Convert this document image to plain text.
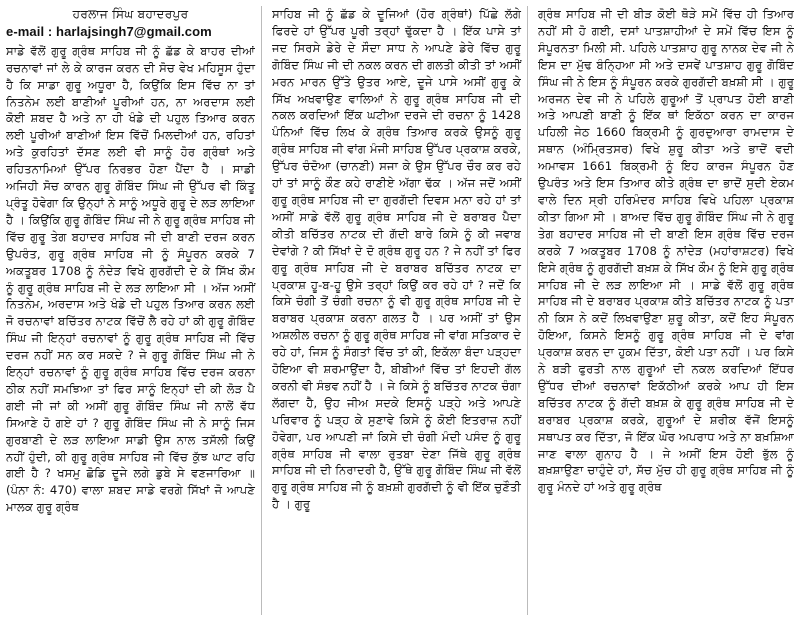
ਹਰਲਾਜ ਸਿੰਘ ਬਹਾਦਰਪੁਰ
e-mail : harlajsingh7@gmail.com

ਸਾਡੇ ਵੱਲੋਂ ਗੁਰੂ ਗ੍ਰੰਥ ਸਾਹਿਬ ਜੀ ਨੂੰ ਛੱਡ ਕੇ ਬਾਹਰ ਦੀਆਂ ਰਚਨਾਵਾਂ ਜਾਂ ਲੇ ਕੇ ਕਾਰਜ ਕਰਨ ਦੀ ਸੋਚ ਵੇਖ ਮਹਿਸੂਸ ਹੁੰਦਾ ਹੈ ਕਿ ਸਾਡਾ ਗੁਰੂ ਅਧੂਰਾ ਹੈ, ਕਿਉਂਕਿ ਇਸ ਵਿੱਚ ਨਾ ਤਾਂ ਨਿਤਨੇਮ ਲਈ ਬਾਣੀਆਂ ਪੂਰੀਆਂ ਹਨ, ਨਾ ਅਰਦਾਸ ਲਈ ਕੋਈ ਸ਼ਬਦ ਹੈ ਅਤੇ ਨਾ ਹੀ ਖੰਡੇ ਦੀ ਪਹੁਲ ਤਿਆਰ ਕਰਨ ਲਈ ਪੂਰੀਆਂ ਬਾਣੀਆਂ ਇਸ ਵਿੱਚੋਂ ਮਿਲਦੀਆਂ ਹਨ, ਰਹਿਤਾਂ ਅਤੇ ਕੁਰਹਿਤਾਂ ਦੱਸਣ ਲਈ ਵੀ ਸਾਨੂੰ ਹੋਰ ਗ੍ਰੰਥਾਂ ਅਤੇ ਰਹਿਤਨਾਮਿਆਂ ਉੱਪਰ ਨਿਰਭਰ ਹੋਣਾ ਪੈਂਦਾ ਹੈ । ਸਾਡੀ ਅਜਿਹੀ ਸੋਚ ਕਾਰਨ ਗੁਰੂ ਗੋਬਿੰਦ ਸਿੰਘ ਜੀ ਉੱਪਰ ਵੀ ਕਿੰਤੂ ਪ੍ਰੰਤੂ ਹੋਵੇਗਾ ਕਿ ਉਨ੍ਹਾਂ ਨੇ ਸਾਨੂੰ ਅਧੂਰੇ ਗੁਰੂ ਦੇ ਲੜ ਲਾਇਆ ਹੈ । ਕਿਉਂਕਿ ਗੁਰੂ ਗੋਬਿੰਦ ਸਿੰਘ ਜੀ ਨੇ ਗੁਰੂ ਗ੍ਰੰਥ ਸਾਹਿਬ ਜੀ ਵਿੱਚ ਗੁਰੂ ਤੇਗ ਬਹਾਦਰ ਸਾਹਿਬ ਜੀ ਦੀ ਬਾਣੀ ਦਰਜ ਕਰਨ ਉਪਰੰਤ, ਗੁਰੂ ਗ੍ਰੰਥ ਸਾਹਿਬ ਜੀ ਨੂੰ ਸੰਪੂਰਨ ਕਰਕੇ 7 ਅਕਤੂਬਰ 1708 ਨੂੰ ਨੰਦੇੜ ਵਿਖੇ ਗੁਰਗੱਦੀ ਦੇ ਕੇ ਸਿੱਖ ਕੌਮ ਨੂੰ ਗੁਰੂ ਗ੍ਰੰਥ ਸਾਹਿਬ ਜੀ ਦੇ ਲੜ ਲਾਇਆ ਸੀ । ਅੱਜ ਅਸੀਂ ਨਿਤਨੇਮ, ਅਰਦਾਸ ਅਤੇ ਖੰਡੇ ਦੀ ਪਹੁਲ ਤਿਆਰ ਕਰਨ ਲਈ ਜੋ ਰਚਨਾਵਾਂ ਬਚਿੱਤਰ ਨਾਟਕ ਵਿੱਚੋਂ ਲੈ ਰਹੇ ਹਾਂ ਕੀ ਗੁਰੂ ਗੋਬਿੰਦ ਸਿੰਘ ਜੀ ਇਨ੍ਹਾਂ ਰਚਨਾਵਾਂ ਨੂੰ ਗੁਰੂ ਗ੍ਰੰਥ ਸਾਹਿਬ ਜੀ ਵਿੱਚ ਦਰਜ ਨਹੀਂ ਸਨ ਕਰ ਸਕਦੇ ? ਜੇ ਗੁਰੂ ਗੋਬਿੰਦ ਸਿੰਘ ਜੀ ਨੇ ਇਨ੍ਹਾਂ ਰਚਨਾਵਾਂ ਨੂੰ ਗੁਰੂ ਗ੍ਰੰਥ ਸਾਹਿਬ ਵਿੱਚ ਦਰਜ ਕਰਨਾ ਠੀਕ ਨਹੀਂ ਸਮਝਿਆ ਤਾਂ ਫਿਰ ਸਾਨੂੰ ਇਨ੍ਹਾਂ ਦੀ ਕੀ ਲੋੜ ਪੈ ਗਈ ਜੀ ਜਾਂ ਕੀ ਅਸੀਂ ਗੁਰੂ ਗੋਬਿੰਦ ਸਿੰਘ ਜੀ ਨਾਲੋਂ ਵੱਧ ਸਿਆਣੇ ਹੋ ਗਏ ਹਾਂ ? ਗੁਰੂ ਗੋਬਿੰਦ ਸਿੰਘ ਜੀ ਨੇ ਸਾਨੂੰ ਜਿਸ ਗੁਰਬਾਣੀ ਦੇ ਲੜ ਲਾਇਆ ਸਾਡੀ ਉਸ ਨਾਲ ਤਸੱਲੀ ਕਿਉਂ ਨਹੀਂ ਹੁੰਦੀ, ਕੀ ਗੁਰੂ ਗ੍ਰੰਥ ਸਾਹਿਬ ਜੀ ਵਿੱਚ ਕੁੱਝ ਘਾਟ ਰਹਿ ਗਈ ਹੈ ? ਖਸਮੁ ਛੋਡਿ ਦੂਜੇ ਲਗੇ ਡੁਬੇ ਸੇ ਵਣਜਾਰਿਆ ॥ (ਪੰਨਾ ਨੰ: 470) ਵਾਲਾ ਸ਼ਬਦ ਸਾਡੇ ਵਰਗੇ ਸਿੱਖਾਂ ਜੋ ਆਪਣੇ ਮਾਲਕ ਗੁਰੂ ਗ੍ਰੰਥ

ਸਾਹਿਬ ਜੀ ਨੂੰ ਛੱਡ ਕੇ ਦੂਜਿਆਂ (ਹੋਰ ਗ੍ਰੰਥਾਂ) ਪਿੱਛੇ ਲੱਗੇ ਫਿਰਦੇ ਹਾਂ ਉੱਪਰ ਪੂਰੀ ਤਰ੍ਹਾਂ ਢੁੱਕਦਾ ਹੈ । ਇੱਕ ਪਾਸੇ ਤਾਂ ਜਦ ਸਿਰਸੇ ਡੇਰੇ ਦੇ ਸੌਦਾ ਸਾਧ ਨੇ ਆਪਣੇ ਡੇਰੇ ਵਿੱਚ ਗੁਰੂ ਗੋਬਿੰਦ ਸਿੰਘ ਜੀ ਦੀ ਨਕਲ ਕਰਨ ਦੀ ਗਲਤੀ ਕੀਤੀ ਤਾਂ ਅਸੀਂ ਮਰਨ ਮਾਰਨ ਉੱਤੇ ਉਤਰ ਆਏ, ਦੂਜੇ ਪਾਸੇ ਅਸੀਂ ਗੁਰੂ ਕੇ ਸਿੱਖ ਅਖਵਾਉਣ ਵਾਲਿਆਂ ਨੇ ਗੁਰੂ ਗ੍ਰੰਥ ਸਾਹਿਬ ਜੀ ਦੀ ਨਕਲ ਕਰਦਿਆਂ ਇੱਕ ਘਟੀਆ ਦਰਜੇ ਦੀ ਰਚਨਾ ਨੂੰ 1428 ਪੰਨਿਆਂ ਵਿੱਚ ਲਿਖ ਕੇ ਗ੍ਰੰਥ ਤਿਆਰ ਕਰਕੇ ਉਸਨੂੰ ਗੁਰੂ ਗ੍ਰੰਥ ਸਾਹਿਬ ਜੀ ਵਾਂਗ ਮੰਜੀ ਸਾਹਿਬ ਉੱਪਰ ਪ੍ਰਕਾਸ਼ ਕਰਕੇ, ਉੱਪਰ ਚੰਦੋਆ (ਚਾਨਣੀ) ਸਜਾ ਕੇ ਉਸ ਉੱਪਰ ਚੌਰ ਕਰ ਰਹੇ ਹਾਂ ਤਾਂ ਸਾਨੂੰ ਕੌਣ ਕਹੇ ਰਾਣੀਏ ਅੱਗਾ ਢੱਕ । ਅੱਜ ਜਦੋਂ ਅਸੀਂ ਗੁਰੂ ਗ੍ਰੰਥ ਸਾਹਿਬ ਜੀ ਦਾ ਗੁਰਗੱਦੀ ਦਿਵਸ ਮਨਾ ਰਹੇ ਹਾਂ ਤਾਂ ਅਸੀਂ ਸਾਡੇ ਵੱਲੋਂ ਗੁਰੂ ਗ੍ਰੰਥ ਸਾਹਿਬ ਜੀ ਦੇ ਬਰਾਬਰ ਪੈਦਾ ਕੀਤੀ ਬਚਿੱਤਰ ਨਾਟਕ ਦੀ ਗੱਦੀ ਬਾਰੇ ਕਿਸੇ ਨੂੰ ਕੀ ਜਵਾਬ ਦੇਵਾਂਗੇ ? ਕੀ ਸਿੱਖਾਂ ਦੇ ਦੋ ਗ੍ਰੰਥ ਗੁਰੂ ਹਨ ? ਜੇ ਨਹੀਂ ਤਾਂ ਫਿਰ ਗੁਰੂ ਗ੍ਰੰਥ ਸਾਹਿਬ ਜੀ ਦੇ ਬਰਾਬਰ ਬਚਿੱਤਰ ਨਾਟਕ ਦਾ ਪ੍ਰਕਾਸ਼ ਹੂ-ਬ-ਹੂ ਉਸੇ ਤਰ੍ਹਾਂ ਕਿਉਂ ਕਰ ਰਹੇ ਹਾਂ ? ਜਦੋਂ ਕਿ ਕਿਸੇ ਚੰਗੀ ਤੋਂ ਚੰਗੀ ਰਚਨਾ ਨੂੰ ਵੀ ਗੁਰੂ ਗ੍ਰੰਥ ਸਾਹਿਬ ਜੀ ਦੇ ਬਰਾਬਰ ਪ੍ਰਕਾਸ਼ ਕਰਨਾ ਗਲਤ ਹੈ । ਪਰ ਅਸੀਂ ਤਾਂ ਉਸ ਅਸ਼ਲੀਲ ਰਚਨਾ ਨੂੰ ਗੁਰੂ ਗ੍ਰੰਥ ਸਾਹਿਬ ਜੀ ਵਾਂਗ ਸਤਿਕਾਰ ਦੇ ਰਹੇ ਹਾਂ, ਜਿਸ ਨੂੰ ਸੰਗਤਾਂ ਵਿੱਚ ਤਾਂ ਕੀ, ਇਕੱਲਾ ਬੰਦਾ ਪੜ੍ਹਦਾ ਹੋਇਆ ਵੀ ਸ਼ਰਮਾਉਂਦਾ ਹੈ, ਬੀਬੀਆਂ ਵਿੱਚ ਤਾਂ ਇਹਦੀ ਗੱਲ ਕਰਨੀ ਵੀ ਸੰਭਵ ਨਹੀਂ ਹੈ । ਜੇ ਕਿਸੇ ਨੂੰ ਬਚਿੱਤਰ ਨਾਟਕ ਚੰਗਾ ਲੱਗਦਾ ਹੈ, ਉਹ ਜੀਅ ਸਦਕੇ ਇਸਨੂੰ ਪੜ੍ਹੇ ਅਤੇ ਆਪਣੇ ਪਰਿਵਾਰ ਨੂੰ ਪੜ੍ਹ ਕੇ ਸੁਣਾਵੇ ਕਿਸੇ ਨੂੰ ਕੋਈ ਇਤਰਾਜ਼ ਨਹੀਂ ਹੋਵੇਗਾ, ਪਰ ਆਪਣੀ ਜਾਂ ਕਿਸੇ ਦੀ ਚੰਗੀ ਮੰਦੀ ਪਸੰਦ ਨੂੰ ਗੁਰੂ ਗ੍ਰੰਥ ਸਾਹਿਬ ਜੀ ਵਾਲਾ ਰੁਤਬਾ ਦੇਣਾ ਜਿੱਥੇ ਗੁਰੂ ਗ੍ਰੰਥ ਸਾਹਿਬ ਜੀ ਦੀ ਨਿਰਾਦਰੀ ਹੈ, ਉੱਥੇ ਗੁਰੂ ਗੋਬਿੰਦ ਸਿੰਘ ਜੀ ਵੱਲੋਂ ਗੁਰੂ ਗ੍ਰੰਥ ਸਾਹਿਬ ਜੀ ਨੂੰ ਬਖ਼ਸ਼ੀ ਗੁਰਗੱਦੀ ਨੂੰ ਵੀ ਇੱਕ ਚੁਣੌਤੀ ਹੈ । ਗੁਰੂ

ਗ੍ਰੰਥ ਸਾਹਿਬ ਜੀ ਦੀ ਬੀੜ ਕੋਈ ਥੋੜੇ ਸਮੇਂ ਵਿੱਚ ਹੀ ਤਿਆਰ ਨਹੀਂ ਸੀ ਹੋ ਗਈ, ਦਸਾਂ ਪਾਤਸ਼ਾਹੀਆਂ ਦੇ ਸਮੇਂ ਵਿੱਚ ਇਸ ਨੂੰ ਸੰਪੂਰਨਤਾ ਮਿਲੀ ਸੀ. ਪਹਿਲੇ ਪਾਤਸ਼ਾਹ ਗੁਰੂ ਨਾਨਕ ਦੇਵ ਜੀ ਨੇ ਇਸ ਦਾ ਮੁੱਢ ਬੰਨ੍ਹਿਆ ਸੀ ਅਤੇ ਦਸਵੇਂ ਪਾਤਸ਼ਾਹ ਗੁਰੂ ਗੋਬਿੰਦ ਸਿੰਘ ਜੀ ਨੇ ਇਸ ਨੂੰ ਸੰਪੂਰਨ ਕਰਕੇ ਗੁਰਗੱਦੀ ਬਖ਼ਸ਼ੀ ਸੀ । ਗੁਰੂ ਅਰਜਨ ਦੇਵ ਜੀ ਨੇ ਪਹਿਲੇ ਗੁਰੂਆਂ ਤੋਂ ਪ੍ਰਾਪਤ ਹੋਈ ਬਾਣੀ ਅਤੇ ਆਪਣੀ ਬਾਣੀ ਨੂੰ ਇੱਕ ਥਾਂ ਇਕੱਠਾ ਕਰਨ ਦਾ ਕਾਰਜ ਪਹਿਲੀ ਜੇਠ 1660 ਬਿਕ੍ਰਮੀ ਨੂੰ ਗੁਰਦੁਆਰਾ ਰਾਮਦਾਸ ਦੇ ਸਥਾਨ (ਅੰਮ੍ਰਿਤਸਰ) ਵਿਖੇ ਸ਼ੁਰੂ ਕੀਤਾ ਅਤੇ ਭਾਦੋਂ ਵਦੀ ਅਮਾਵਸ 1661 ਬਿਕ੍ਰਮੀ ਨੂੰ ਇਹ ਕਾਰਜ ਸੰਪੂਰਨ ਹੋਣ ਉਪਰੰਤ ਅਤੇ ਇਸ ਤਿਆਰ ਕੀਤੇ ਗ੍ਰੰਥ ਦਾ ਭਾਦੋਂ ਸੁਦੀ ਏਕਮ ਵਾਲੇ ਦਿਨ ਸ੍ਰੀ ਹਰਿਮੰਦਰ ਸਾਹਿਬ ਵਿਖੇ ਪਹਿਲਾ ਪ੍ਰਕਾਸ਼ ਕੀਤਾ ਗਿਆ ਸੀ । ਬਾਅਦ ਵਿੱਚ ਗੁਰੂ ਗੋਬਿੰਦ ਸਿੰਘ ਜੀ ਨੇ ਗੁਰੂ ਤੇਗ ਬਹਾਦਰ ਸਾਹਿਬ ਜੀ ਦੀ ਬਾਣੀ ਇਸ ਗ੍ਰੰਥ ਵਿੱਚ ਦਰਜ ਕਰਕੇ 7 ਅਕਤੂਬਰ 1708 ਨੂੰ ਨਾਂਦੇੜ (ਮਹਾਂਰਾਸ਼ਟਰ) ਵਿਖੇ ਇਸੇ ਗ੍ਰੰਥ ਨੂੰ ਗੁਰਗੱਦੀ ਬਖ਼ਸ਼ ਕੇ ਸਿੱਖ ਕੌਮ ਨੂੰ ਇਸੇ ਗੁਰੂ ਗ੍ਰੰਥ ਸਾਹਿਬ ਜੀ ਦੇ ਲੜ ਲਾਇਆ ਸੀ । ਸਾਡੇ ਵੱਲੋਂ ਗੁਰੂ ਗ੍ਰੰਥ ਸਾਹਿਬ ਜੀ ਦੇ ਬਰਾਬਰ ਪ੍ਰਕਾਸ਼ ਕੀਤੇ ਬਚਿੱਤਰ ਨਾਟਕ ਨੂੰ ਪਤਾ ਨੀ ਕਿਸ ਨੇ ਕਦੋਂ ਲਿਖਵਾਉਣਾ ਸ਼ੁਰੂ ਕੀਤਾ, ਕਦੋਂ ਇਹ ਸੰਪੂਰਨ ਹੋਇਆ, ਕਿਸਨੇ ਇਸਨੂੰ ਗੁਰੂ ਗ੍ਰੰਥ ਸਾਹਿਬ ਜੀ ਦੇ ਵਾਂਗ ਪ੍ਰਕਾਸ਼ ਕਰਨ ਦਾ ਹੁਕਮ ਦਿੱਤਾ, ਕੋਈ ਪਤਾ ਨਹੀਂ । ਪਰ ਕਿਸੇ ਨੇ ਬੜੀ ਫੁਰਤੀ ਨਾਲ ਗੁਰੂਆਂ ਦੀ ਨਕਲ ਕਰਦਿਆਂ ਇੱਧਰ ਉੱਧਰ ਦੀਆਂ ਰਚਨਾਵਾਂ ਇਕੱਠੀਆਂ ਕਰਕੇ ਆਪ ਹੀ ਇਸ ਬਚਿੱਤਰ ਨਾਟਕ ਨੂੰ ਗੱਦੀ ਬਖ਼ਸ਼ ਕੇ ਗੁਰੂ ਗ੍ਰੰਥ ਸਾਹਿਬ ਜੀ ਦੇ ਬਰਾਬਰ ਪ੍ਰਕਾਸ਼ ਕਰਕੇ, ਗੁਰੂਆਂ ਦੇ ਸ਼ਰੀਕ ਵੱਜੋਂ ਇਸਨੂੰ ਸਥਾਪਤ ਕਰ ਦਿੱਤਾ, ਜੋ ਇੱਕ ਘੋਰ ਅਪਰਾਧ ਅਤੇ ਨਾ ਬਖ਼ਸ਼ਿਆ ਜਾਣ ਵਾਲਾ ਗੁਨਾਹ ਹੈ । ਜੇ ਅਸੀਂ ਇਸ ਹੋਈ ਭੁੱਲ ਨੂੰ ਬਖ਼ਸ਼ਾਉਣਾ ਚਾਹੁੰਦੇ ਹਾਂ, ਸੱਚ ਮੁੱਚ ਹੀ ਗੁਰੂ ਗ੍ਰੰਥ ਸਾਹਿਬ ਜੀ ਨੂੰ ਗੁਰੂ ਮੰਨਦੇ ਹਾਂ ਅਤੇ ਗੁਰੂ ਗ੍ਰੰਥ
